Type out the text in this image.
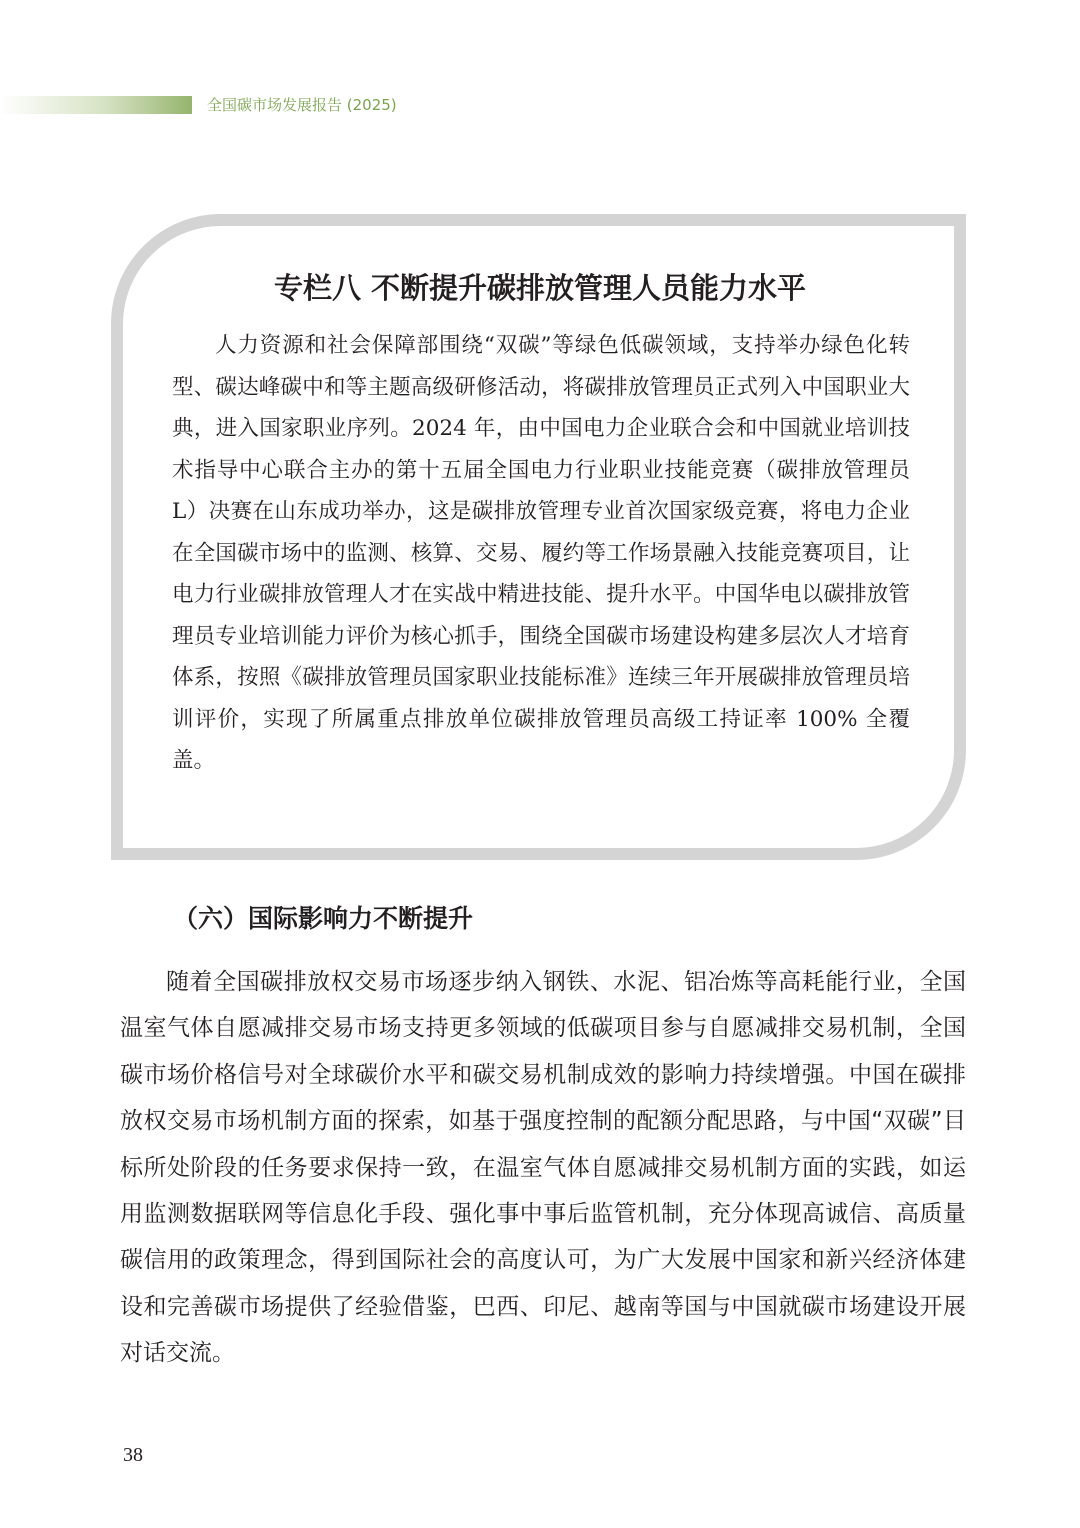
全国碳市场发展报告 (2025)
专栏八 不断提升碳排放管理人员能力水平

人力资源和社会保障部围绕“双碳”等绿色低碳领域，支持举办绿色化转型、碳达峰碳中和等主题高级研修活动，将碳排放管理员正式列入中国职业大典，进入国家职业序列。2024 年，由中国电力企业联合会和中国就业培训技术指导中心联合主办的第十五届全国电力行业职业技能竞赛（碳排放管理员 L）决赛在山东成功举办，这是碳排放管理专业首次国家级竞赛，将电力企业在全国碳市场中的监测、核算、交易、履约等工作场景融入技能竞赛项目，让电力行业碳排放管理人才在实战中精进技能、提升水平。中国华电以碳排放管理员专业培训能力评价为核心抓手，围绕全国碳市场建设构建多层次人才培育体系，按照《碳排放管理员国家职业技能标准》连续三年开展碳排放管理员培训评价，实现了所属重点排放单位碳排放管理员高级工持证率 100% 全覆盖。

（六）国际影响力不断提升

随着全国碳排放权交易市场逐步纳入钢铁、水泥、铝冶炼等高耗能行业，全国温室气体自愿减排交易市场支持更多领域的低碳项目参与自愿减排交易机制，全国碳市场价格信号对全球碳价水平和碳交易机制成效的影响力持续增强。中国在碳排放权交易市场机制方面的探索，如基于强度控制的配额分配思路，与中国“双碳”目标所处阶段的任务要求保持一致，在温室气体自愿减排交易机制方面的实践，如运用监测数据联网等信息化手段、强化事中事后监管机制，充分体现高诚信、高质量碳信用的政策理念，得到国际社会的高度认可，为广大发展中国家和新兴经济体建设和完善碳市场提供了经验借鉴，巴西、印尼、越南等国与中国就碳市场建设开展对话交流。

38
